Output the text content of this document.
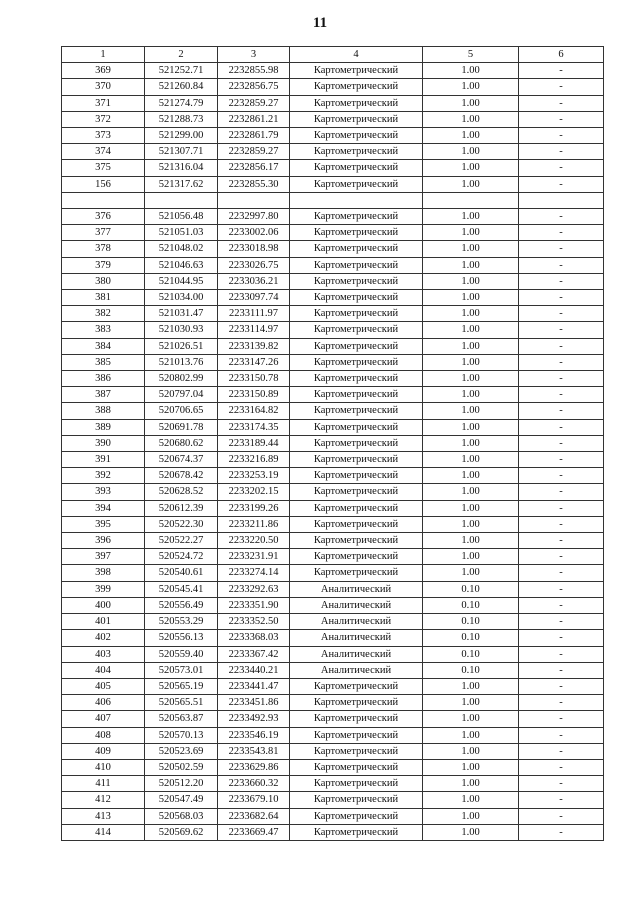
11
1	2	3	4	5	6
369	521252.71	2232855.98	Картометрический	1.00	-
370	521260.84	2232856.75	Картометрический	1.00	-
371	521274.79	2232859.27	Картометрический	1.00	-
372	521288.73	2232861.21	Картометрический	1.00	-
373	521299.00	2232861.79	Картометрический	1.00	-
374	521307.71	2232859.27	Картометрический	1.00	-
375	521316.04	2232856.17	Картометрический	1.00	-
156	521317.62	2232855.30	Картометрический	1.00	-

376	521056.48	2232997.80	Картометрический	1.00	-
377	521051.03	2233002.06	Картометрический	1.00	-
378	521048.02	2233018.98	Картометрический	1.00	-
379	521046.63	2233026.75	Картометрический	1.00	-
380	521044.95	2233036.21	Картометрический	1.00	-
381	521034.00	2233097.74	Картометрический	1.00	-
382	521031.47	2233111.97	Картометрический	1.00	-
383	521030.93	2233114.97	Картометрический	1.00	-
384	521026.51	2233139.82	Картометрический	1.00	-
385	521013.76	2233147.26	Картометрический	1.00	-
386	520802.99	2233150.78	Картометрический	1.00	-
387	520797.04	2233150.89	Картометрический	1.00	-
388	520706.65	2233164.82	Картометрический	1.00	-
389	520691.78	2233174.35	Картометрический	1.00	-
390	520680.62	2233189.44	Картометрический	1.00	-
391	520674.37	2233216.89	Картометрический	1.00	-
392	520678.42	2233253.19	Картометрический	1.00	-
393	520628.52	2233202.15	Картометрический	1.00	-
394	520612.39	2233199.26	Картометрический	1.00	-
395	520522.30	2233211.86	Картометрический	1.00	-
396	520522.27	2233220.50	Картометрический	1.00	-
397	520524.72	2233231.91	Картометрический	1.00	-
398	520540.61	2233274.14	Картометрический	1.00	-
399	520545.41	2233292.63	Аналитический	0.10	-
400	520556.49	2233351.90	Аналитический	0.10	-
401	520553.29	2233352.50	Аналитический	0.10	-
402	520556.13	2233368.03	Аналитический	0.10	-
403	520559.40	2233367.42	Аналитический	0.10	-
404	520573.01	2233440.21	Аналитический	0.10	-
405	520565.19	2233441.47	Картометрический	1.00	-
406	520565.51	2233451.86	Картометрический	1.00	-
407	520563.87	2233492.93	Картометрический	1.00	-
408	520570.13	2233546.19	Картометрический	1.00	-
409	520523.69	2233543.81	Картометрический	1.00	-
410	520502.59	2233629.86	Картометрический	1.00	-
411	520512.20	2233660.32	Картометрический	1.00	-
412	520547.49	2233679.10	Картометрический	1.00	-
413	520568.03	2233682.64	Картометрический	1.00	-
414	520569.62	2233669.47	Картометрический	1.00	-
